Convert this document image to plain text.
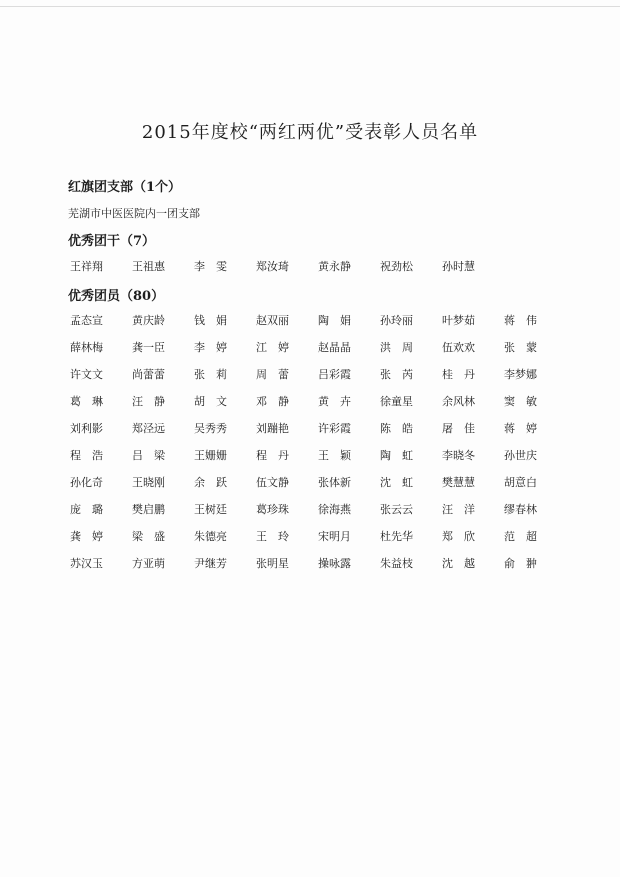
2015年度校“两红两优”受表彰人员名单
红旗团支部（1个）
芜湖市中医医院内一团支部
优秀团干（7）
王祥翔	王祖惠	李　雯	郑汝琦	黄永静	祝劲松	孙时慧
优秀团员（80）
孟态宣	黄庆龄	钱　娟	赵双丽	陶　娟	孙玲丽	叶梦茹	蒋　伟
薛林梅	龚一臣	李　婷	江　婷	赵晶晶	洪　周	伍欢欢	张　蒙
许文文	尚蕾蕾	张　莉	周　蕾	吕彩霞	张　芮	桂　丹	李梦娜
葛　琳	汪　静	胡　文	邓　静	黄　卉	徐童星	余风林	窦　敏
刘利影	郑泾远	吴秀秀	刘蹦艳	许彩霞	陈　皓	屠　佳	蒋　婷
程　浩	吕　梁	王姗姗	程　丹	王　颖	陶　虹	李晓冬	孙世庆
孙化奇	王晓刚	余　跃	伍文静	张体新	沈　虹	樊慧慧	胡意白
庞　璐	樊启鹏	王树廷	葛珍珠	徐海燕	张云云	汪　洋	缪春林
龚　婷	梁　盛	朱德亮	王　玲	宋明月	杜先华	郑　欣	范　超
苏汉玉	方亚萌	尹继芳	张明星	操咏露	朱益枝	沈　越	俞　翀
